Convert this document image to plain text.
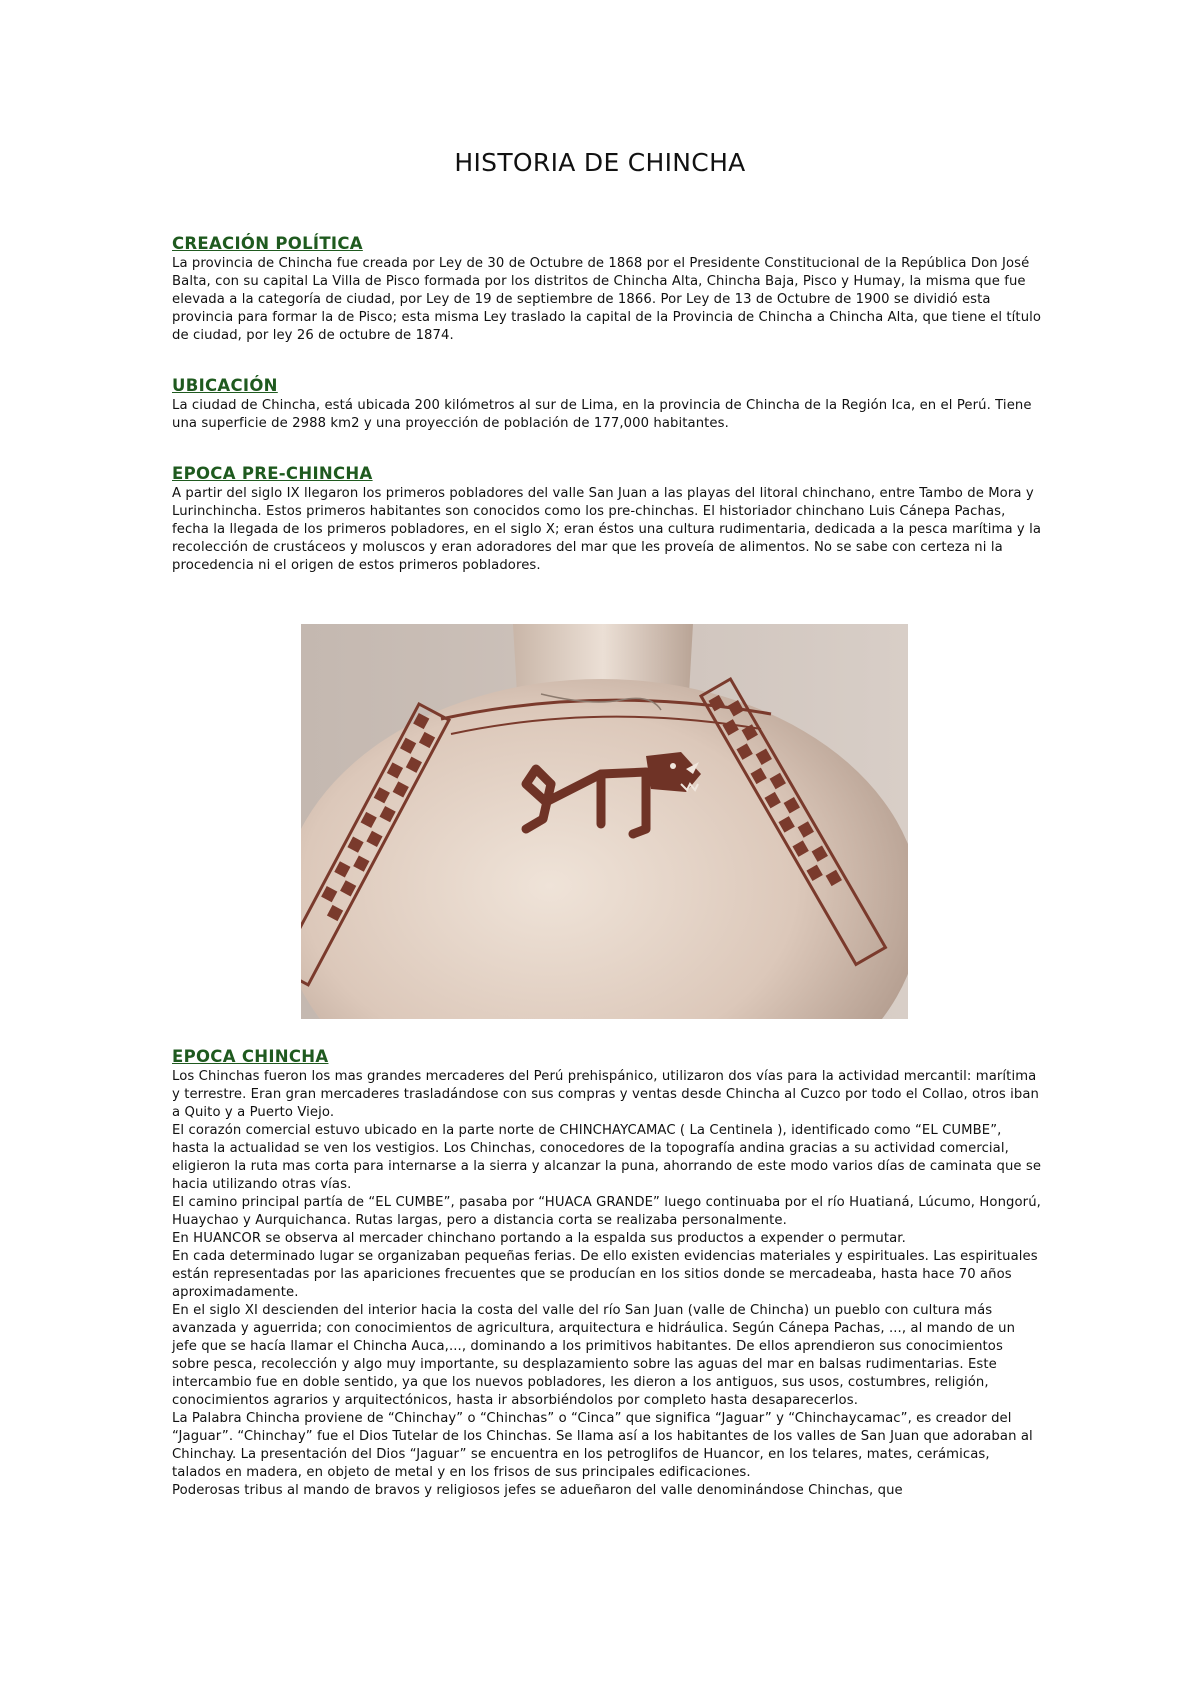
HISTORIA DE CHINCHA
CREACIÓN POLÍTICA

La provincia de Chincha fue creada por Ley de 30 de Octubre de 1868 por el Presidente Constitucional de la República Don José Balta, con su capital La Villa de Pisco formada por los distritos de Chincha Alta, Chincha Baja, Pisco y Humay, la misma que fue elevada a la categoría de ciudad, por Ley de 19 de septiembre de 1866. Por Ley de 13 de Octubre de 1900 se dividió esta provincia para formar la de Pisco; esta misma Ley traslado la capital de la Provincia de Chincha a Chincha Alta, que tiene el título de ciudad, por ley 26 de octubre de 1874.

UBICACIÓN

La ciudad de Chincha, está ubicada 200 kilómetros al sur de Lima, en la provincia de Chincha de la Región Ica, en el Perú. Tiene una superficie de 2988 km2 y una proyección de población de 177,000 habitantes.

EPOCA PRE-CHINCHA

A partir del siglo IX llegaron los primeros pobladores del valle San Juan a las playas del litoral chinchano, entre Tambo de Mora y Lurinchincha. Estos primeros habitantes son conocidos como los pre-chinchas. El historiador chinchano Luis Cánepa Pachas, fecha la llegada de los primeros pobladores, en el siglo X; eran éstos una cultura rudimentaria, dedicada a la pesca marítima y la recolección de crustáceos y moluscos y eran adoradores del mar que les proveía de alimentos. No se sabe con certeza ni la procedencia ni el origen de estos primeros pobladores.

EPOCA CHINCHA

Los Chinchas fueron los mas grandes mercaderes del Perú prehispánico, utilizaron dos vías para la actividad mercantil: marítima y terrestre. Eran gran mercaderes trasladándose con sus compras y ventas desde Chincha al Cuzco por todo el Collao, otros iban a Quito y a Puerto Viejo.

El corazón comercial estuvo ubicado en la parte norte de CHINCHAYCAMAC ( La Centinela ), identificado como “EL CUMBE”, hasta la actualidad se ven los vestigios. Los Chinchas, conocedores de la topografía andina gracias a su actividad comercial, eligieron la ruta mas corta para internarse a la sierra y alcanzar la puna, ahorrando de este modo varios días de caminata que se hacia utilizando otras vías.

El camino principal partía de “EL CUMBE”, pasaba por “HUACA GRANDE” luego continuaba por el río Huatianá, Lúcumo, Hongorú, Huaychao y Aurquichanca. Rutas largas, pero a distancia corta se realizaba personalmente.

En HUANCOR se observa al mercader chinchano portando a la espalda sus productos a expender o permutar.

En cada determinado lugar se organizaban pequeñas ferias. De ello existen evidencias materiales y espirituales. Las espirituales están representadas por las apariciones frecuentes que se producían en los sitios donde se mercadeaba, hasta hace 70 años aproximadamente.

En el siglo XI descienden del interior hacia la costa del valle del río San Juan (valle de Chincha) un pueblo con cultura más avanzada y aguerrida; con conocimientos de agricultura, arquitectura e hidráulica. Según Cánepa Pachas, ..., al mando de un jefe que se hacía llamar el Chincha Auca,..., dominando a los primitivos habitantes. De ellos aprendieron sus conocimientos sobre pesca, recolección y algo muy importante, su desplazamiento sobre las aguas del mar en balsas rudimentarias. Este intercambio fue en doble sentido, ya que los nuevos pobladores, les dieron a los antiguos, sus usos, costumbres, religión, conocimientos agrarios y arquitectónicos, hasta ir absorbiéndolos por completo hasta desaparecerlos.

La Palabra Chincha proviene de “Chinchay” o “Chinchas” o “Cinca” que significa “Jaguar” y “Chinchaycamac”, es creador del “Jaguar”. “Chinchay” fue el Dios Tutelar de los Chinchas. Se llama así a los habitantes de los valles de San Juan que adoraban al Chinchay. La presentación del Dios “Jaguar” se encuentra en los petroglifos de Huancor, en los telares, mates, cerámicas, talados en madera, en objeto de metal y en los frisos de sus principales edificaciones.

Poderosas tribus al mando de bravos y religiosos jefes se adueñaron del valle denominándose Chinchas, que
